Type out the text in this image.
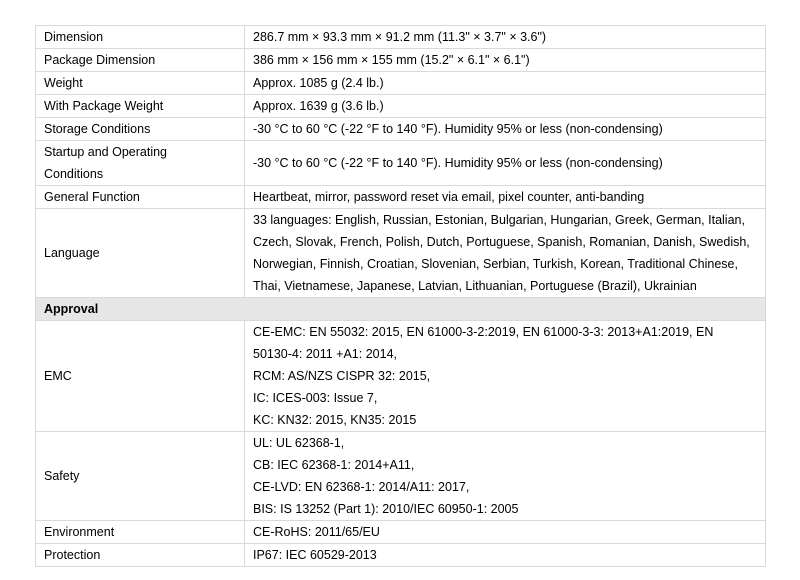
Dimension	286.7 mm × 93.3 mm × 91.2 mm (11.3" × 3.7" × 3.6")

Package Dimension	386 mm × 156 mm × 155 mm (15.2" × 6.1" × 6.1")

Weight	Approx. 1085 g (2.4 lb.)

With Package Weight	Approx. 1639 g (3.6 lb.)

Storage Conditions	-30 °C to 60 °C (-22 °F to 140 °F). Humidity 95% or less (non-condensing)

Startup and Operating
Conditions	-30 °C to 60 °C (-22 °F to 140 °F). Humidity 95% or less (non-condensing)

General Function	Heartbeat, mirror, password reset via email, pixel counter, anti-banding

Language	33 languages: English, Russian, Estonian, Bulgarian, Hungarian, Greek, German, Italian,
Czech, Slovak, French, Polish, Dutch, Portuguese, Spanish, Romanian, Danish, Swedish,
Norwegian, Finnish, Croatian, Slovenian, Serbian, Turkish, Korean, Traditional Chinese,
Thai, Vietnamese, Japanese, Latvian, Lithuanian, Portuguese (Brazil), Ukrainian

Approval	

EMC	CE-EMC: EN 55032: 2015, EN 61000-3-2:2019, EN 61000-3-3: 2013+A1:2019, EN
50130-4: 2011 +A1: 2014,
RCM: AS/NZS CISPR 32: 2015,
IC: ICES-003: Issue 7,
KC: KN32: 2015, KN35: 2015

Safety	UL: UL 62368-1,
CB: IEC 62368-1: 2014+A11,
CE-LVD: EN 62368-1: 2014/A11: 2017,
BIS: IS 13252 (Part 1): 2010/IEC 60950-1: 2005

Environment	CE-RoHS: 2011/65/EU

Protection	IP67: IEC 60529-2013
